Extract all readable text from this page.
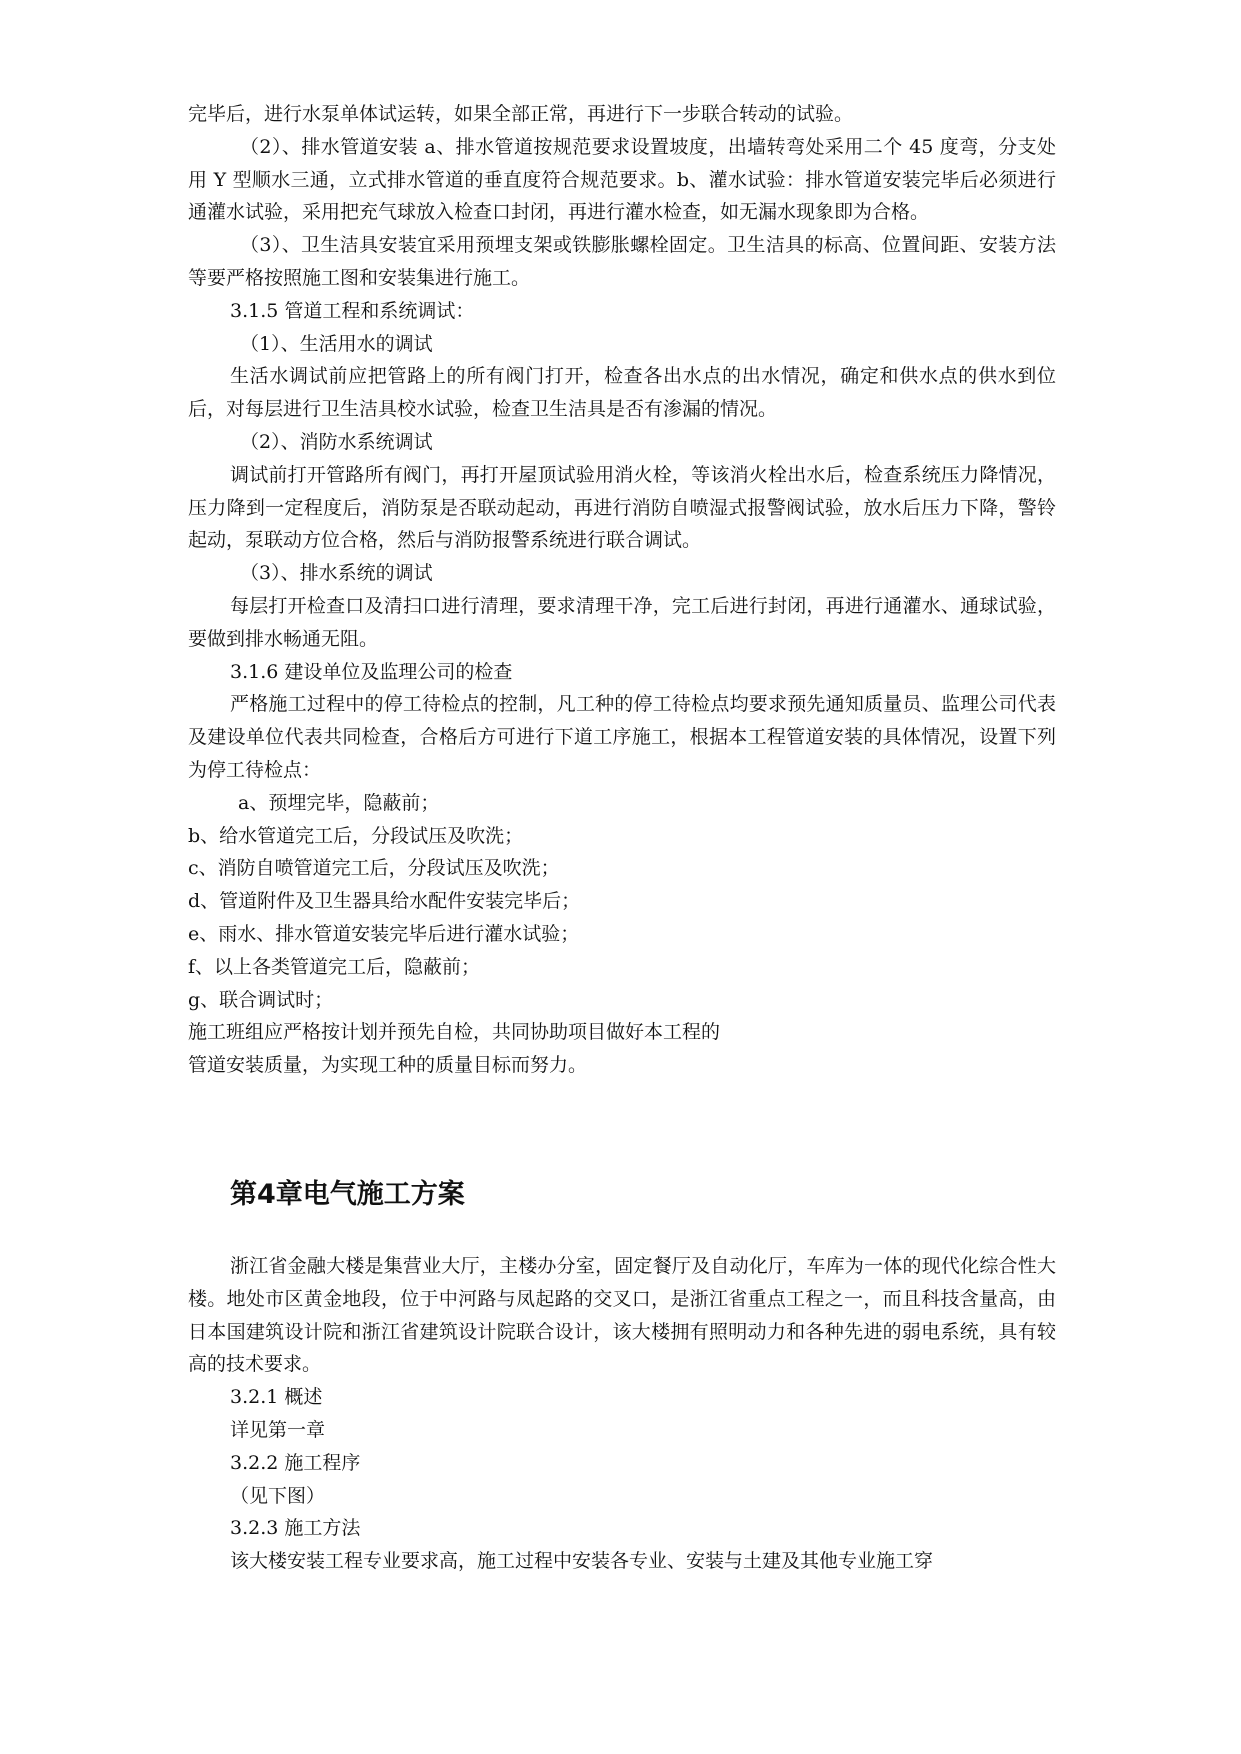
完毕后，进行水泵单体试运转，如果全部正常，再进行下一步联合转动的试验。

（2）、排水管道安装 a、排水管道按规范要求设置坡度，出墙转弯处采用二个 45 度弯，分支处用 Y 型顺水三通，立式排水管道的垂直度符合规范要求。b、灌水试验：排水管道安装完毕后必须进行通灌水试验，采用把充气球放入检查口封闭，再进行灌水检查，如无漏水现象即为合格。

（3）、卫生洁具安装宜采用预埋支架或铁膨胀螺栓固定。卫生洁具的标高、位置间距、安装方法等要严格按照施工图和安装集进行施工。

3.1.5 管道工程和系统调试：

（1）、生活用水的调试

生活水调试前应把管路上的所有阀门打开，检查各出水点的出水情况，确定和供水点的供水到位后，对每层进行卫生洁具校水试验，检查卫生洁具是否有渗漏的情况。

（2）、消防水系统调试

调试前打开管路所有阀门，再打开屋顶试验用消火栓，等该消火栓出水后，检查系统压力降情况，压力降到一定程度后，消防泵是否联动起动，再进行消防自喷湿式报警阀试验，放水后压力下降，警铃起动，泵联动方位合格，然后与消防报警系统进行联合调试。

（3）、排水系统的调试

每层打开检查口及清扫口进行清理，要求清理干净，完工后进行封闭，再进行通灌水、通球试验，要做到排水畅通无阻。

3.1.6 建设单位及监理公司的检查

严格施工过程中的停工待检点的控制，凡工种的停工待检点均要求预先通知质量员、监理公司代表及建设单位代表共同检查，合格后方可进行下道工序施工，根据本工程管道安装的具体情况，设置下列为停工待检点：

a、预埋完毕，隐蔽前；

b、给水管道完工后，分段试压及吹洗；

c、消防自喷管道完工后，分段试压及吹洗；

d、管道附件及卫生器具给水配件安装完毕后；

e、雨水、排水管道安装完毕后进行灌水试验；

f、以上各类管道完工后，隐蔽前；

g、联合调试时；

施工班组应严格按计划并预先自检，共同协助项目做好本工程的

管道安装质量，为实现工种的质量目标而努力。

第4章电气施工方案

浙江省金融大楼是集营业大厅，主楼办分室，固定餐厅及自动化厅，车库为一体的现代化综合性大楼。地处市区黄金地段，位于中河路与凤起路的交叉口，是浙江省重点工程之一，而且科技含量高，由日本国建筑设计院和浙江省建筑设计院联合设计，该大楼拥有照明动力和各种先进的弱电系统，具有较高的技术要求。

3.2.1 概述

详见第一章

3.2.2 施工程序

（见下图）

3.2.3 施工方法

该大楼安装工程专业要求高，施工过程中安装各专业、安装与土建及其他专业施工穿
